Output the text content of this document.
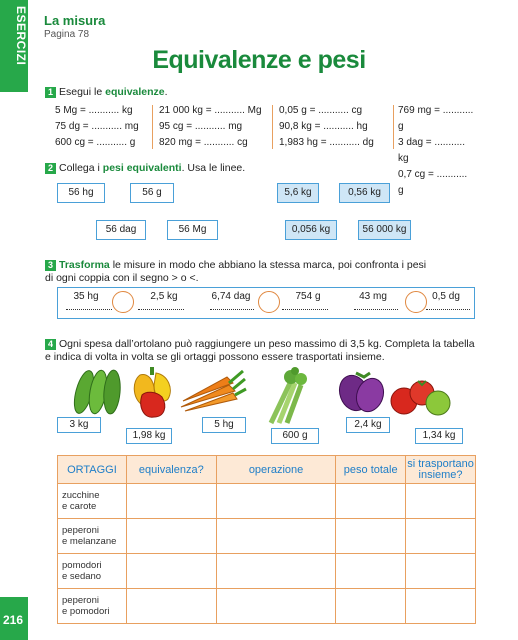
ESERCIZI
216
La misura
Pagina 78
Equivalenze e pesi
1 Esegui le equivalenze.
5 Mg = ........... kg
75 dg = ........... mg
600 cg = ........... g
21 000 kg = ........... Mg
95 cg = ........... mg
820 mg = ........... cg
0,05 g = ........... cg
90,8 kg = ........... hg
1,983 hg = ........... dg
769 mg = ........... g
3 dag = ........... kg
0,7 cg = ........... g
2 Collega i pesi equivalenti. Usa le linee.
56 hg	56 g	5,6 kg	0,56 kg
56 dag	56 Mg	0,056 kg	56 000 kg
3 Trasforma le misure in modo che abbiano la stessa marca, poi confronta i pesi
di ogni coppia con il segno > o <.
35 hg	2,5 kg	6,74 dag	754 g	43 mg	0,5 dg
4 Ogni spesa dall’ortolano può raggiungere un peso massimo di 3,5 kg. Completa la tabella
e indica di volta in volta se gli ortaggi possono essere trasportati insieme.
3 kg
1,98 kg
5 hg
600 g
2,4 kg
1,34 kg
ORTAGGI	equivalenza?	operazione	peso totale	si trasportano insieme?

zucchine
e carote				

peperoni
e melanzane				

pomodori
e sedano				

peperoni
e pomodori				
